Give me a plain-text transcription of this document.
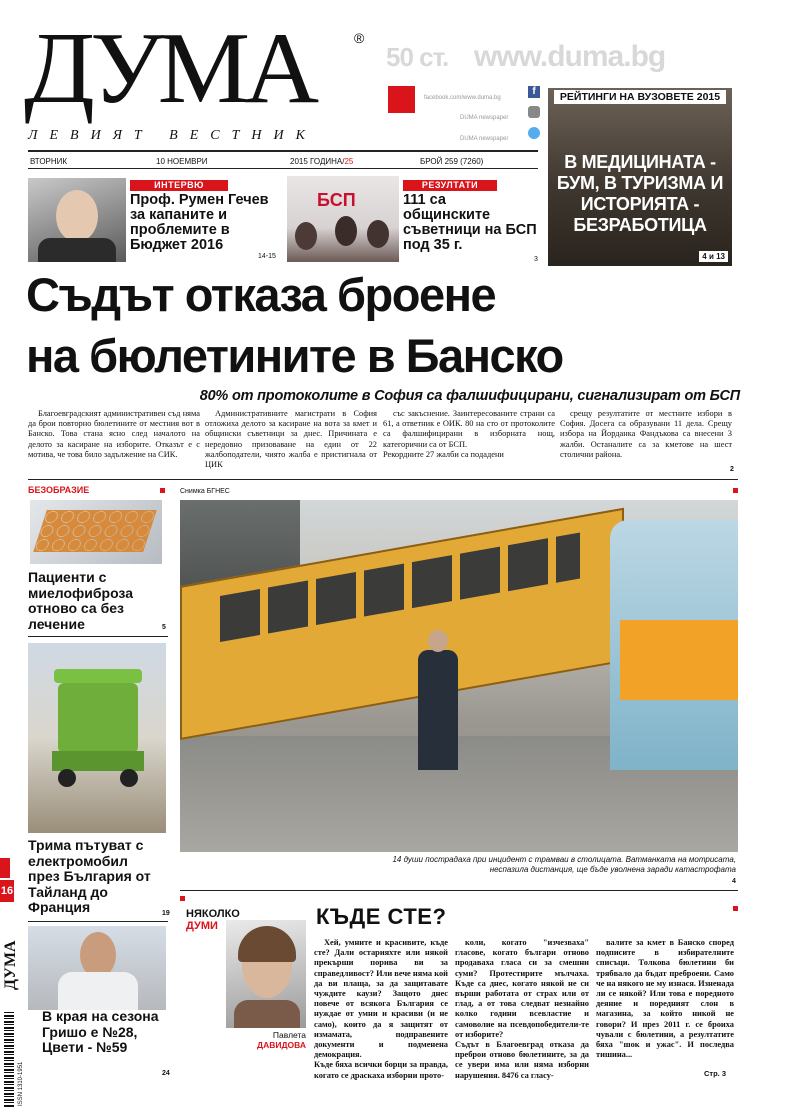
ДУМА	®
ЛЕВИЯТ ВЕСТНИК
50 ст. www.duma.bg
facebook.com/www.duma.bg
f
DUMA newspaper
DUMA newspaper
ВТОРНИК	10 НОЕМВРИ	2015 ГОДИНА/25	БРОЙ 259 (7260)
РЕЙТИНГИ НА ВУЗОВЕТЕ 2015
В МЕДИЦИНАТА - БУМ, В ТУРИЗМА И ИСТОРИЯТА - БЕЗРАБОТИЦА
4 и 13
ИНТЕРВЮ
Проф. Румен Гечев за капаните и проблемите в Бюджет 2016
14-15
БСП
РЕЗУЛТАТИ
111 са общинските съветници на БСП под 35 г.
3
Съдът отказа броене
на бюлетините в Банско
80% от протоколите в София са фалшифицирани, сигнализират от БСП

Благоевградският административен съд няма да брои повторно бюлетините от местния вот в Банско. Това стана ясно след началото на делото за касиране на изборите. Отказът е с мотива, че това било задължение на СИК.

Административните магистрати в София отложиха делото за касиране на вота за кмет и общински съветници за днес. Причината е нередовно призоваване на един от 22 жалбоподатели, чиято жалба е пристигнала от ЦИК

със закъснение. Заинтересованите страни са 61, а ответник е ОИК. 80 на сто от протоколите са фалшифицирани в изборната нощ, категорични са от БСП.
Рекордните 27 жалби са подадени

срещу резултатите от местните избори в София. Досега са образувани 11 дела. Срещу избора на Йорданка Фандъкова са внесени 3 жалби. Останалите са за кметове на шест столични района.

2
БЕЗОБРАЗИЕ
Пациенти с миелофиброза отново са без лечение	5
Трима пътуват с електромобил през България от Тайланд до Франция	19
В края на сезона Гришо е №28, Цвети - №59
24
16
ДУМА
ISSN 1310-1951
Снимка БГНЕС
14 души пострадаха при инцидент с трамваи в столицата. Ватманката на мотрисата, неспазила дистанция, ще бъде уволнена заради катастрофата
4
НЯКОЛКО
ДУМИ
Павлета
ДАВИДОВА
КЪДЕ СТЕ?

Хей, умните и красивите, къде сте? Дали остарияхте или някой прекърши порива ви за справедливост? Или вече няма кой да ви плаща, за да защитавате чуждите каузи? Защото днес повече от всякога България се нуждае от умни и красиви (и не само), които да я защитят от измамата, подправените документи и подменена демокрация.
Къде бяха всички борци за правда, когато се драскаха изборни прото-

коли, когато "изчезваха" гласове, когато българи отново продаваха гласа си за смешни суми? Протестирите мълчаха. Къде са днес, когато някой не си върши работата от страх или от глад, а от това следват незнайно колко години всевластие и самоволие на псевдопобедители-те от изборите?
Съдът в Благоевград отказа да преброи отново бюлетините, за да се увери има или няма изборни нарушения. 8476 са гласу-

валите за кмет в Банско според подписите в избирателните списъци. Толкова бюлетини би трябвало да бъдат преброени. Само че на някого не му изнася. Изненада ли се някой? Или това е поредното деяние и поредният слон в магазина, за който никой не говори? И през 2011 г. се броиха чували с бюлетини, а резултатите бяха "шок и ужас". И последва тишина...

Стр. 3
